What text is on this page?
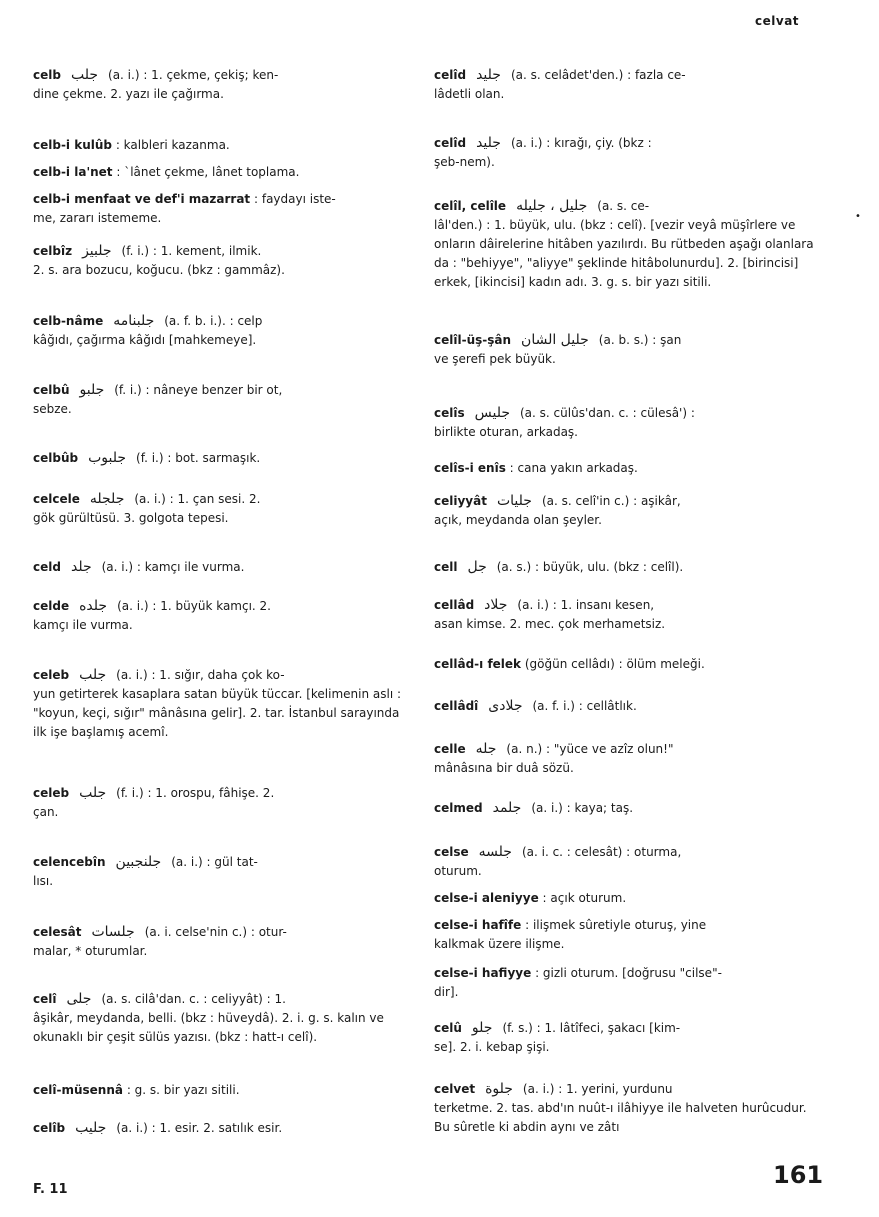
celvat
celb جلب (a. i.) : 1. çekme, çekiş; ken-
dine çekme. 2. yazı ile çağırma.
celb-i kulûb : kalbleri kazanma.
celb-i la'net : `lânet çekme, lânet toplama.
celb-i menfaat ve def'i mazarrat : faydayı iste-
me, zararı istememe.
celbîz جلبيز (f. i.) : 1. kement, ilmik.
2. s. ara bozucu, koğucu. (bkz : gammâz).
celb-nâme جلبنامه (a. f. b. i.). : celp
kâğıdı, çağırma kâğıdı [mahkemeye].
celbû جلبو (f. i.) : nâneye benzer bir ot,
sebze.
celbûb جلبوب (f. i.) : bot. sarmaşık.
celcele جلجله (a. i.) : 1. çan sesi. 2.
gök gürültüsü. 3. golgota tepesi.
celd جلد (a. i.) : kamçı ile vurma.
celde جلده (a. i.) : 1. büyük kamçı. 2.
kamçı ile vurma.
celeb جلب (a. i.) : 1. sığır, daha çok ko-
yun getirterek kasaplara satan büyük tüccar. [kelimenin aslı : "koyun, keçi, sığır" mânâsına gelir]. 2. tar. İstanbul sarayında ilk işe başlamış acemî.
celeb جلب (f. i.) : 1. orospu, fâhişe. 2.
çan.
celencebîn جلنجبين (a. i.) : gül tat-
lısı.
celesât جلسات (a. i. celse'nin c.) : otur-
malar, * oturumlar.
celî جلى (a. s. cilâ'dan. c. : celiyyât) : 1.
âşikâr, meydanda, belli. (bkz : hüveydâ). 2. i. g. s. kalın ve okunaklı bir çeşit sülüs yazısı. (bkz : hatt-ı celî).
celî-müsennâ : g. s. bir yazı sitili.
celîb جليب (a. i.) : 1. esir. 2. satılık esir.
celîd جليد (a. s. celâdet'den.) : fazla ce-
lâdetli olan.
celîd جليد (a. i.) : kırağı, çiy. (bkz :
şeb-nem).
celîl, celîle جليل ، جليله (a. s. ce-
lâl'den.) : 1. büyük, ulu. (bkz : celî). [vezir veyâ müşîrlere ve onların dâirelerine hitâben yazılırdı. Bu rütbeden aşağı olanlara da : "behiyye", "aliyye" şeklinde hitâbolunurdu]. 2. [birincisi] erkek, [ikincisi] kadın adı. 3. g. s. bir yazı sitili.
celîl-üş-şân جليل الشان (a. b. s.) : şan
ve şerefi pek büyük.
celîs جليس (a. s. cülûs'dan. c. : cülesâ') :
birlikte oturan, arkadaş.
celîs-i enîs : cana yakın arkadaş.
celiyyât جليات (a. s. celî'in c.) : aşikâr,
açık, meydanda olan şeyler.
cell جل (a. s.) : büyük, ulu. (bkz : celîl).
cellâd جلاد (a. i.) : 1. insanı kesen,
asan kimse. 2. mec. çok merhametsiz.
cellâd-ı felek (göğün cellâdı) : ölüm meleği.
cellâdî جلادى (a. f. i.) : cellâtlık.
celle جله (a. n.) : "yüce ve azîz olun!"
mânâsına bir duâ sözü.
celmed جلمد (a. i.) : kaya; taş.
celse جلسه (a. i. c. : celesât) : oturma,
oturum.
celse-i aleniyye : açık oturum.
celse-i hafîfe : ilişmek sûretiyle oturuş, yine
kalkmak üzere ilişme.
celse-i hafiyye : gizli oturum. [doğrusu "cilse"-
dir].
celû جلو (f. s.) : 1. lâtîfeci, şakacı [kim-
se]. 2. i. kebap şişi.
celvet جلوة (a. i.) : 1. yerini, yurdunu
terketme. 2. tas. abd'ın nuût-ı ilâhiyye ile halveten hurûcudur. Bu sûretle ki abdin aynı ve zâtı
•
F. 11
161
